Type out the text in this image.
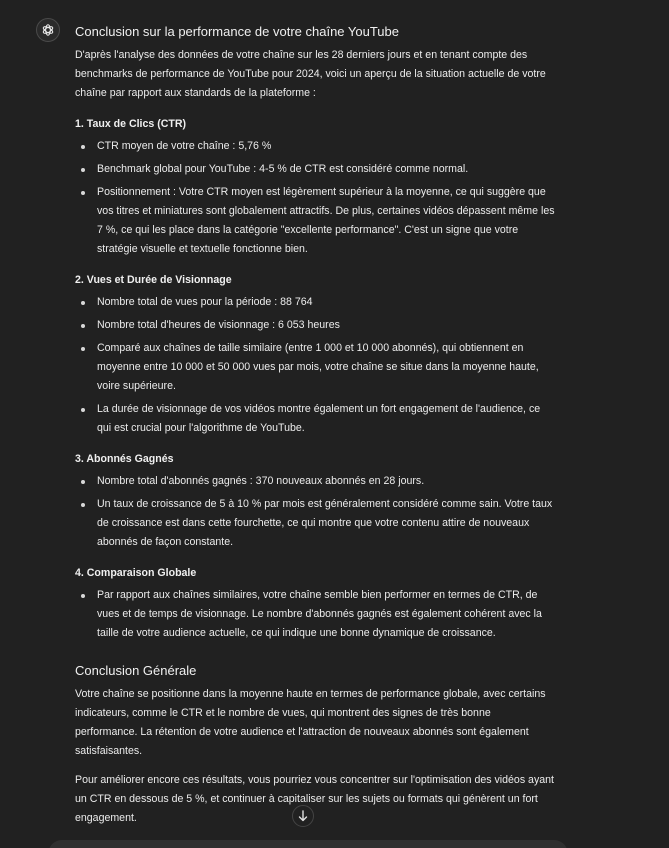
Conclusion sur la performance de votre chaîne YouTube

D'après l'analyse des données de votre chaîne sur les 28 derniers jours et en tenant compte des benchmarks de performance de YouTube pour 2024, voici un aperçu de la situation actuelle de votre chaîne par rapport aux standards de la plateforme :

1. Taux de Clics (CTR)
CTR moyen de votre chaîne : 5,76 %
Benchmark global pour YouTube : 4-5 % de CTR est considéré comme normal.
Positionnement : Votre CTR moyen est légèrement supérieur à la moyenne, ce qui suggère que vos titres et miniatures sont globalement attractifs. De plus, certaines vidéos dépassent même les 7 %, ce qui les place dans la catégorie "excellente performance". C'est un signe que votre stratégie visuelle et textuelle fonctionne bien.
2. Vues et Durée de Visionnage
Nombre total de vues pour la période : 88 764
Nombre total d'heures de visionnage : 6 053 heures
Comparé aux chaînes de taille similaire (entre 1 000 et 10 000 abonnés), qui obtiennent en moyenne entre 10 000 et 50 000 vues par mois, votre chaîne se situe dans la moyenne haute, voire supérieure.
La durée de visionnage de vos vidéos montre également un fort engagement de l'audience, ce qui est crucial pour l'algorithme de YouTube.
3. Abonnés Gagnés
Nombre total d'abonnés gagnés : 370 nouveaux abonnés en 28 jours.
Un taux de croissance de 5 à 10 % par mois est généralement considéré comme sain. Votre taux de croissance est dans cette fourchette, ce qui montre que votre contenu attire de nouveaux abonnés de façon constante.
4. Comparaison Globale
Par rapport aux chaînes similaires, votre chaîne semble bien performer en termes de CTR, de vues et de temps de visionnage. Le nombre d'abonnés gagnés est également cohérent avec la taille de votre audience actuelle, ce qui indique une bonne dynamique de croissance.
Conclusion Générale

Votre chaîne se positionne dans la moyenne haute en termes de performance globale, avec certains indicateurs, comme le CTR et le nombre de vues, qui montrent des signes de très bonne performance. La rétention de votre audience et l'attraction de nouveaux abonnés sont également satisfaisantes.

Pour améliorer encore ces résultats, vous pourriez vous concentrer sur l'optimisation des vidéos ayant un CTR en dessous de 5 %, et continuer à capitaliser sur les sujets ou formats qui génèrent un fort engagement.
